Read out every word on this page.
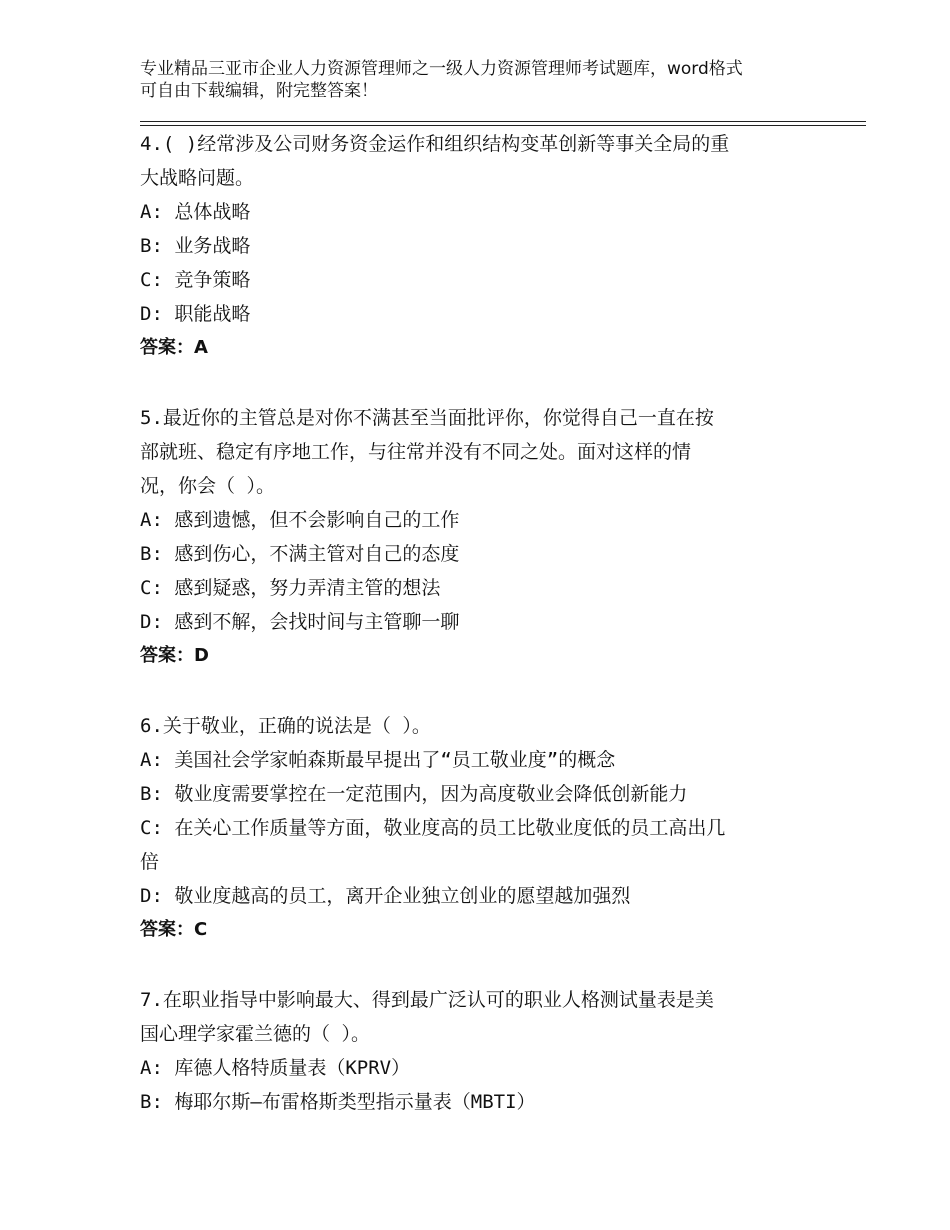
专业精品三亚市企业人力资源管理师之一级人力资源管理师考试题库，word格式
可自由下载编辑，附完整答案！
4.( )经常涉及公司财务资金运作和组织结构变革创新等事关全局的重
大战略问题。
A: 总体战略
B: 业务战略
C: 竞争策略
D: 职能战略
答案：A
5.最近你的主管总是对你不满甚至当面批评你，你觉得自己一直在按
部就班、稳定有序地工作，与往常并没有不同之处。面对这样的情
况，你会（ ）。
A: 感到遗憾，但不会影响自己的工作
B: 感到伤心，不满主管对自己的态度
C: 感到疑惑，努力弄清主管的想法
D: 感到不解，会找时间与主管聊一聊
答案：D
6.关于敬业，正确的说法是（ ）。
A: 美国社会学家帕森斯最早提出了“员工敬业度”的概念
B: 敬业度需要掌控在一定范围内，因为高度敬业会降低创新能力
C: 在关心工作质量等方面，敬业度高的员工比敬业度低的员工高出几
倍
D: 敬业度越高的员工，离开企业独立创业的愿望越加强烈
答案：C
7.在职业指导中影响最大、得到最广泛认可的职业人格测试量表是美
国心理学家霍兰德的（ ）。
A: 库德人格特质量表（KPRV）
B: 梅耶尔斯—布雷格斯类型指示量表（MBTI）
